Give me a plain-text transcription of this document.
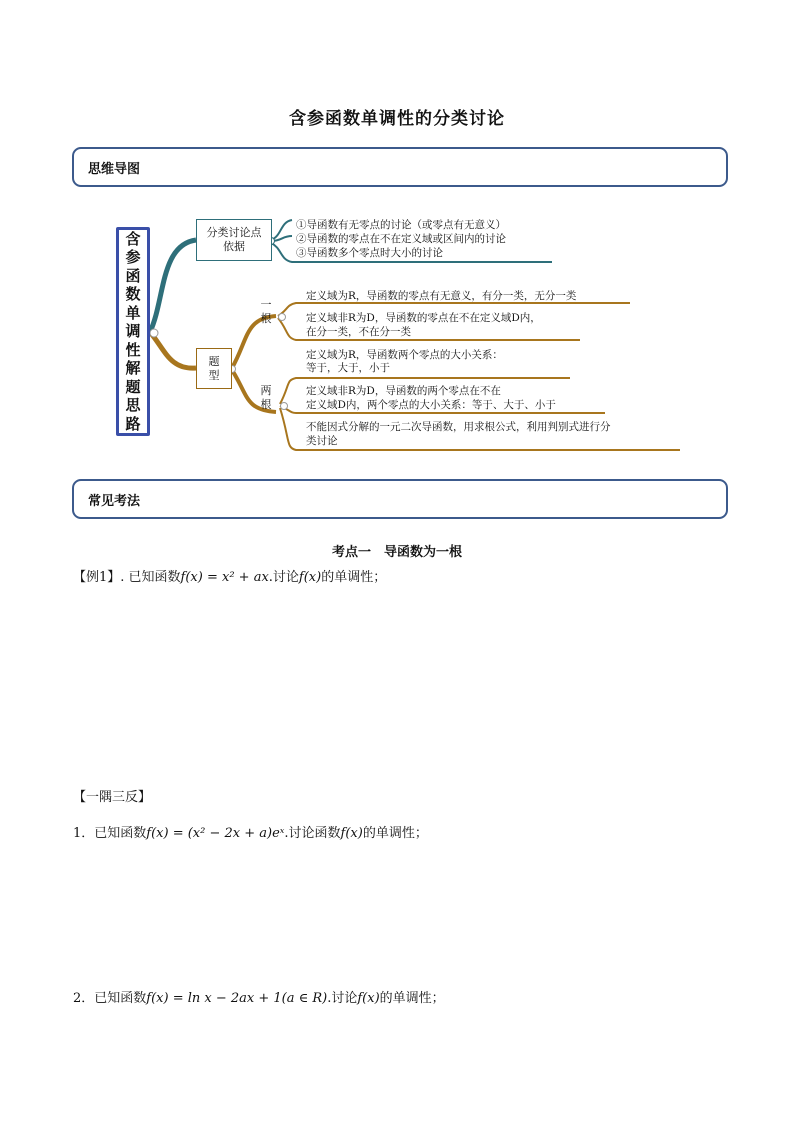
含参函数单调性的分类讨论
思维导图
含参函数单调性解题思路
分类讨论点依据
①导函数有无零点的讨论（或零点有无意义）
②导函数的零点在不在定义域或区间内的讨论
③导函数多个零点时大小的讨论
题型
一根
两根
定义域为R，导函数的零点有无意义，有分一类，无分一类
定义域非R为D，导函数的零点在不在定义域D内，
在分一类，不在分一类
定义域为R，导函数两个零点的大小关系：
等于，大于，小于
定义域非R为D，导函数的两个零点在不在
定义域D内，两个零点的大小关系：等于、大于、小于
不能因式分解的一元二次导函数，用求根公式，利用判别式进行分
类讨论
常见考法
考点一　导函数为一根
【例1】. 已知函数f(x) = x² + ax.讨论f(x)的单调性；
【一隅三反】
1．已知函数f(x) = (x² − 2x + a)eˣ.讨论函数f(x)的单调性；
2．已知函数f(x) = ln x − 2ax + 1(a ∈ R).讨论f(x)的单调性；
